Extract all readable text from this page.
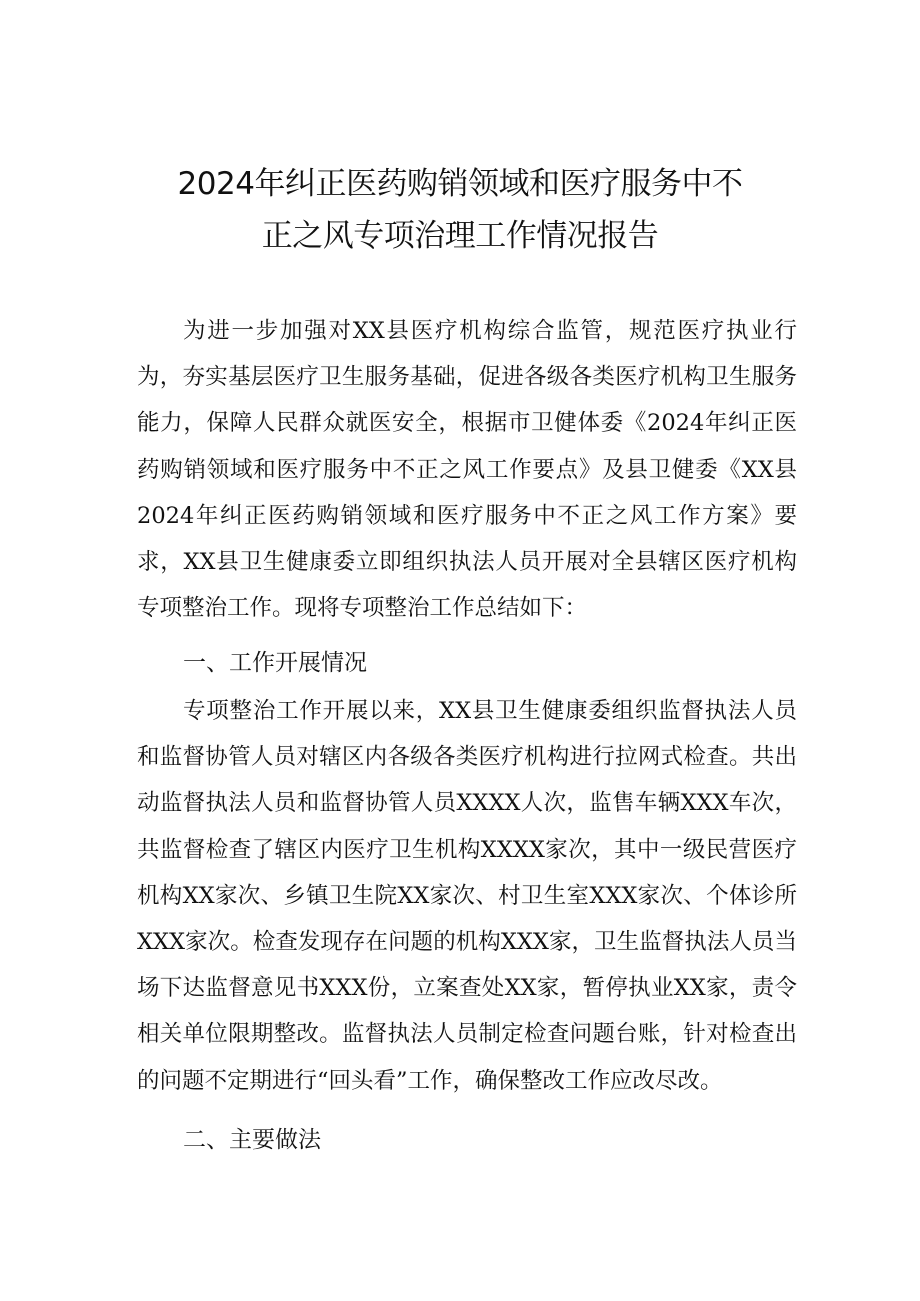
2024年纠正医药购销领域和医疗服务中不
正之风专项治理工作情况报告

为进一步加强对XX县医疗机构综合监管，规范医疗执业行为，夯实基层医疗卫生服务基础，促进各级各类医疗机构卫生服务能力，保障人民群众就医安全，根据市卫健体委《2024年纠正医药购销领域和医疗服务中不正之风工作要点》及县卫健委《XX县2024年纠正医药购销领域和医疗服务中不正之风工作方案》要求，XX县卫生健康委立即组织执法人员开展对全县辖区医疗机构专项整治工作。现将专项整治工作总结如下：

一、工作开展情况

专项整治工作开展以来，XX县卫生健康委组织监督执法人员和监督协管人员对辖区内各级各类医疗机构进行拉网式检查。共出动监督执法人员和监督协管人员XXXX人次，监售车辆XXX车次，共监督检查了辖区内医疗卫生机构XXXX家次，其中一级民营医疗机构XX家次、乡镇卫生院XX家次、村卫生室XXX家次、个体诊所XXX家次。检查发现存在问题的机构XXX家，卫生监督执法人员当场下达监督意见书XXX份，立案查处XX家，暂停执业XX家，责令相关单位限期整改。监督执法人员制定检查问题台账，针对检查出的问题不定期进行“回头看”工作，确保整改工作应改尽改。

二、主要做法
